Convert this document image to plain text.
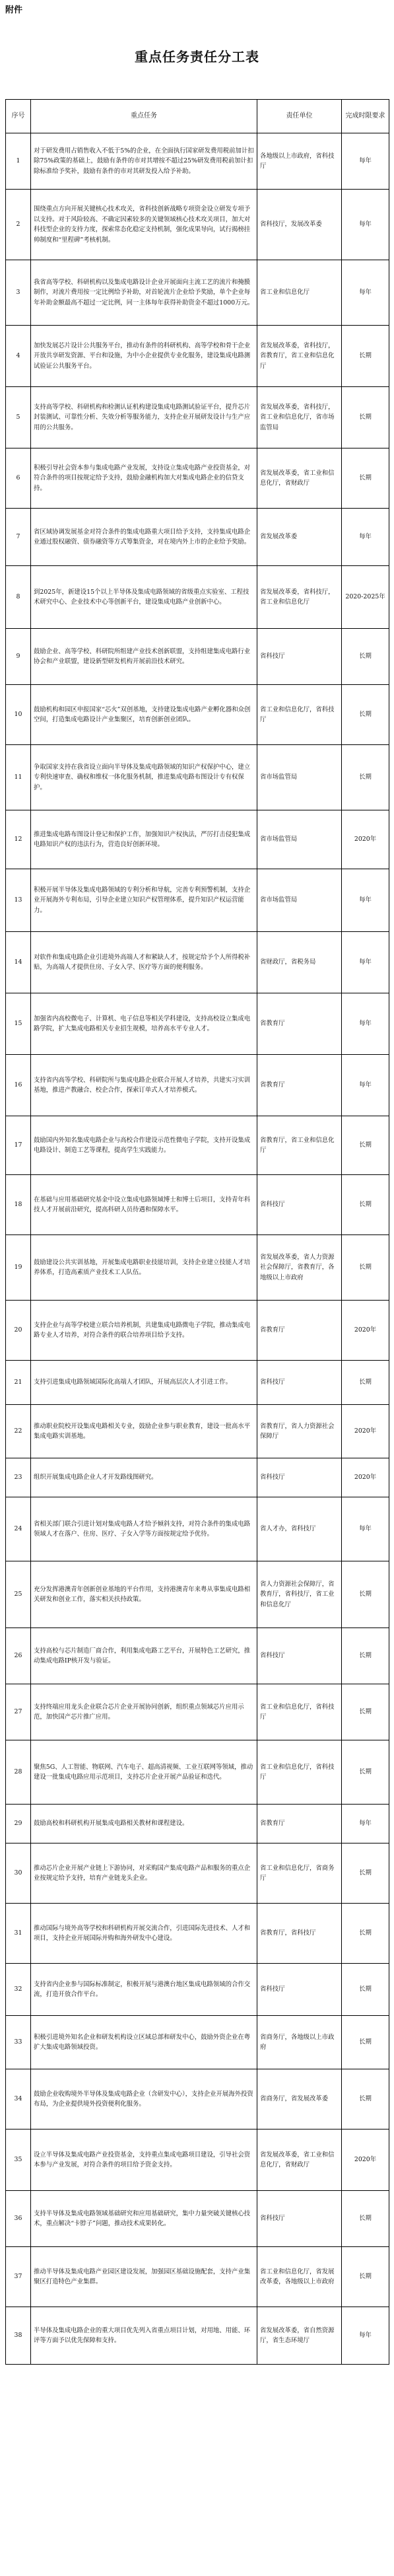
附件
重点任务责任分工表
序号	重点任务	责任单位	完成时限要求
1	对于研发费用占销售收入不低于5%的企业，在全面执行国家研发费用税前加计扣除75%政策的基础上，鼓励有条件的市对其增按不超过25%研发费用税前加计扣除标准给予奖补，鼓励有条件的市对其研发投入给予补助。	各地级以上市政府，省科技厅	每年
2	围绕重点方向开展关键核心技术攻关，省科技创新战略专项资金设立研发专项予以支持。对于风险较高、不确定因素较多的关键领域核心技术攻关项目，加大对科技型企业的支持力度，探索常态化稳定支持机制，强化成果导向，试行揭榜挂帅制度和“里程碑”考核机制。	省科技厅，发展改革委	每年
3	我省高等学校、科研机构以及集成电路设计企业开展面向主流工艺的流片和掩膜制作，对流片费用按一定比例给予补助，对首轮流片企业给予奖励，单个企业每年补助金额最高不超过一定比例，同一主体每年获得补助资金不超过1000万元。	省工业和信息化厅	每年
4	加快发展芯片设计公共服务平台，推动有条件的科研机构、高等学校和骨干企业开放共享研发资源、平台和设施，为中小企业提供专业化服务，建设集成电路测试验证公共服务平台。	省发展改革委，省科技厅，省教育厅，省工业和信息化厅	长期
5	支持高等学校、科研机构和检测认证机构建设集成电路测试验证平台，提升芯片封装测试、可靠性分析、失效分析等服务能力，支持企业开展研发设计与生产应用的公共服务。	省发展改革委，省科技厅，省工业和信息化厅，省市场监管局	长期
6	积极引导社会资本参与集成电路产业发展，支持设立集成电路产业投资基金，对符合条件的项目按规定给予支持，鼓励金融机构加大对集成电路企业的信贷支持。	省发展改革委，省工业和信息化厅，省财政厅	长期
7	省区域协调发展基金对符合条件的集成电路重大项目给予支持，支持集成电路企业通过股权融资、债券融资等方式筹集资金，对在境内外上市的企业给予奖励。	省发展改革委	每年
8	到2025年，新建设15个以上半导体及集成电路领域的省级重点实验室、工程技术研究中心、企业技术中心等创新平台，建设集成电路产业创新中心。	省发展改革委，省科技厅，省工业和信息化厅	2020-2025年
9	鼓励企业、高等学校、科研院所组建产业技术创新联盟，支持组建集成电路行业协会和产业联盟，建设新型研发机构开展前沿技术研究。	省科技厅	长期
10	鼓励机构和园区申报国家“芯火”双创基地，支持建设集成电路产业孵化器和众创空间，打造集成电路设计产业集聚区，培育创新创业团队。	省工业和信息化厅，省科技厅	长期
11	争取国家支持在我省设立面向半导体及集成电路领域的知识产权保护中心，建立专利快速审查、确权和维权一体化服务机制，推进集成电路布图设计专有权保护。	省市场监管局	长期
12	推进集成电路布图设计登记和保护工作，加强知识产权执法，严厉打击侵犯集成电路知识产权的违法行为，营造良好创新环境。	省市场监管局	2020年
13	积极开展半导体及集成电路领域的专利分析和导航，完善专利预警机制，支持企业开展海外专利布局，引导企业建立知识产权管理体系，提升知识产权运营能力。	省市场监管局	每年
14	对软件和集成电路企业引进境外高端人才和紧缺人才，按规定给予个人所得税补贴，为高端人才提供住房、子女入学、医疗等方面的便利服务。	省财政厅，省税务局	每年
15	加强省内高校微电子、计算机、电子信息等相关学科建设，支持高校设立集成电路学院，扩大集成电路相关专业招生规模，培养高水平专业人才。	省教育厅	每年
16	支持省内高等学校、科研院所与集成电路企业联合开展人才培养，共建实习实训基地，推进产教融合、校企合作，探索订单式人才培养模式。	省教育厅	每年
17	鼓励国内外知名集成电路企业与高校合作建设示范性微电子学院，支持开设集成电路设计、制造工艺等课程，提高学生实践能力。	省教育厅，省工业和信息化厅	长期
18	在基础与应用基础研究基金中设立集成电路领域博士和博士后项目，支持青年科技人才开展前沿研究，提高科研人员待遇和保障水平。	省科技厅	长期
19	鼓励建设公共实训基地，开展集成电路职业技能培训，支持企业建立技能人才培养体系，打造高素质产业技术工人队伍。	省发展改革委，省人力资源社会保障厅，省教育厅，各地级以上市政府	长期
20	支持企业与高等学校建立联合培养机制，共建集成电路微电子学院，推动集成电路专业人才培养，对符合条件的联合培养项目给予支持。	省教育厅	2020年
21	支持引进集成电路领域国际化高端人才团队，开展高层次人才引进工作。	省科技厅	长期
22	推动职业院校开设集成电路相关专业，鼓励企业参与职业教育，建设一批高水平集成电路实训基地。	省教育厅，省人力资源社会保障厅	2020年
23	组织开展集成电路企业人才开发路线图研究。	省科技厅	2020年
24	省相关部门联合引进计划对集成电路人才给予倾斜支持，对符合条件的集成电路领域人才在落户、住房、医疗、子女入学等方面按规定给予优待。	省人才办，省科技厅	每年
25	充分发挥港澳青年创新创业基地的平台作用，支持港澳青年来粤从事集成电路相关研发和创业工作，落实相关扶持政策。	省人力资源社会保障厅，省教育厅，省科技厅，省工业和信息化厅	长期
26	支持高校与芯片制造厂商合作，利用集成电路工艺平台，开展特色工艺研究，推动集成电路IP核开发与验证。	省科技厅	长期
27	支持终端应用龙头企业联合芯片企业开展协同创新，组织重点领域芯片应用示范，加快国产芯片推广应用。	省工业和信息化厅，省科技厅	长期
28	聚焦5G、人工智能、物联网、汽车电子、超高清视频、工业互联网等领域，推动建设一批集成电路应用示范项目，支持芯片企业开展产品验证和迭代。	省工业和信息化厅，省科技厅	长期
29	鼓励高校和科研机构开展集成电路相关教材和课程建设。	省教育厅	每年
30	推动芯片企业开展产业链上下游协同，对采购国产集成电路产品和服务的重点企业按规定给予支持，培育产业链龙头企业。	省工业和信息化厅，省商务厅	长期
31	推动国际与境外高等学校和科研机构开展交流合作，引进国际先进技术、人才和项目，支持企业开展国际并购和海外研发中心建设。	省教育厅，省科技厅	长期
32	支持省内企业参与国际标准制定，积极开展与港澳台地区集成电路领域的合作交流，打造开放合作平台。	省科技厅	长期
33	积极引进境外知名企业和研发机构设立区域总部和研发中心，鼓励外资企业在粤扩大集成电路领域投资。	省商务厅，各地级以上市政府	长期
34	鼓励企业收购境外半导体及集成电路企业（含研发中心），支持企业开展海外投资布局，为企业提供境外投资便利化服务。	省商务厅，省发展改革委	长期
35	设立半导体及集成电路产业投资基金，支持重点集成电路项目建设，引导社会资本参与产业发展，对符合条件的项目给予资金支持。	省发展改革委，省工业和信息化厅，省财政厅	2020年
36	支持半导体及集成电路领域基础研究和应用基础研究，集中力量突破关键核心技术，重点解决“卡脖子”问题，推动技术成果转化。	省科技厅	长期
37	推动半导体及集成电路产业园区建设发展，加强园区基础设施配套，支持产业集聚区打造特色产业集群。	省工业和信息化厅，省发展改革委，各地级以上市政府	长期
38	半导体及集成电路企业的重大项目优先列入省重点项目计划，对用地、用能、环评等方面予以优先保障和支持。	省发展改革委，省自然资源厅，省生态环境厅	每年
